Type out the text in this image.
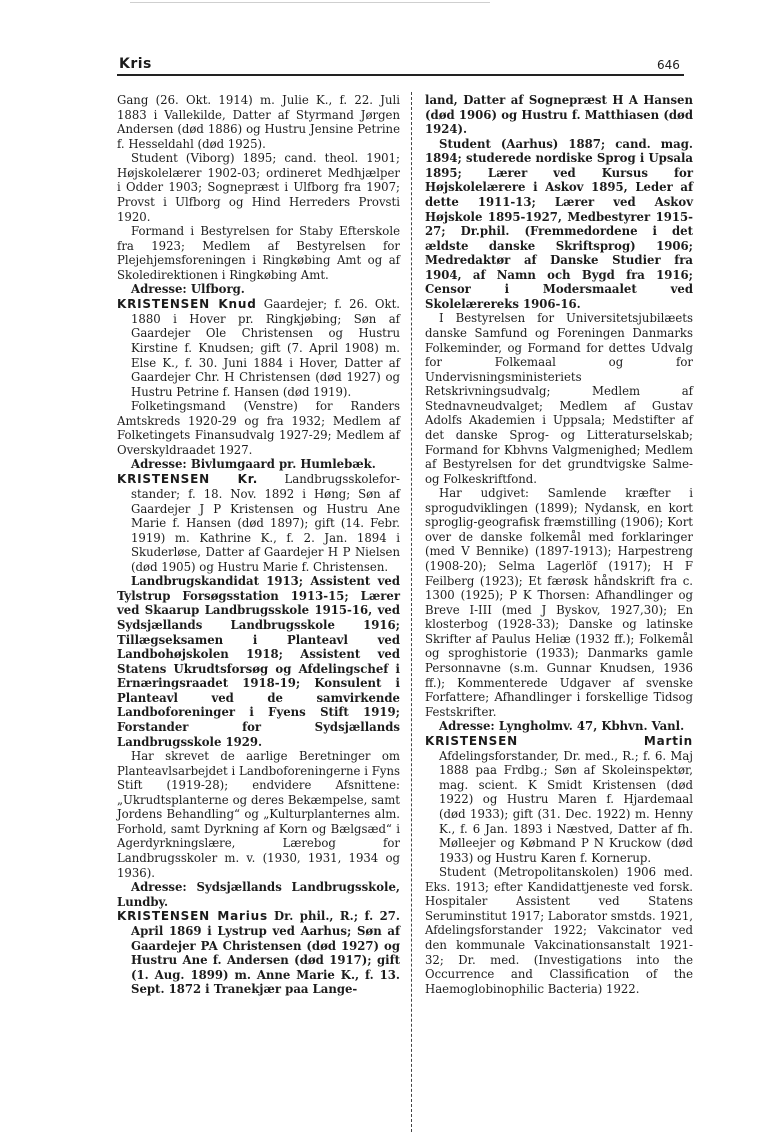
Kris	646

Gang (26. Okt. 1914) m. Julie K., f. 22. Juli 1883 i Vallekilde, Datter af Styrmand Jørgen Andersen (død 1886) og Hustru Jensine Petrine f. Hesseldahl (død 1925).

Student (Viborg) 1895; cand. theol. 1901; Højskolelærer 1902-03; ordineret Medhjælper i Odder 1903; Sognepræst i Ulfborg fra 1907; Provst i Ulfborg og Hind Herreders Provsti 1920.

Formand i Bestyrelsen for Staby Efterskole fra 1923; Medlem af Bestyrelsen for Plejehjemsforeningen i Ringkøbing Amt og af Skoledirektionen i Ringkøbing Amt.

Adresse: Ulfborg.

KRISTENSEN Knud Gaardejer; f. 26. Okt. 1880 i Hover pr. Ringkjøbing; Søn af Gaardejer Ole Christensen og Hustru Kirstine f. Knudsen; gift (7. April 1908) m. Else K., f. 30. Juni 1884 i Hover, Datter af Gaardejer Chr. H Christensen (død 1927) og Hustru Petrine f. Hansen (død 1919).

Folketingsmand (Venstre) for Randers Amtskreds 1920-29 og fra 1932; Medlem af Folketingets Finansudvalg 1927-29; Medlem af Overskyldraadet 1927.

Adresse: Bivlumgaard pr. Humlebæk.

KRISTENSEN Kr. Landbrugsskolefor-stander; f. 18. Nov. 1892 i Høng; Søn af Gaardejer J P Kristensen og Hustru Ane Marie f. Hansen (død 1897); gift (14. Febr. 1919) m. Kathrine K., f. 2. Jan. 1894 i Skuderløse, Datter af Gaardejer H P Nielsen (død 1905) og Hustru Marie f. Christensen.

Landbrugskandidat 1913; Assistent ved Tylstrup Forsøgsstation 1913-15; Lærer ved Skaarup Landbrugsskole 1915-16, ved Sydsjællands Landbrugsskole 1916; Tillægseksamen i Planteavl ved Landbohøjskolen 1918; Assistent ved Statens Ukrudtsforsøg og Afdelingschef i Ernæringsraadet 1918-19; Konsulent i Planteavl ved de samvirkende Landboforeninger i Fyens Stift 1919; Forstander for Sydsjællands Landbrugsskole 1929.

Har skrevet de aarlige Beretninger om Planteavlsarbejdet i Landboforeningerne i Fyns Stift (1919-28); endvidere Afsnittene: „Ukrudtsplanterne og deres Bekæmpelse, samt Jordens Behandling“ og „Kulturplanternes alm. Forhold, samt Dyrkning af Korn og Bælgsæd“ i Agerdyrkningslære, Lærebog for Landbrugsskoler m. v. (1930, 1931, 1934 og 1936).

Adresse: Sydsjællands Landbrugsskole, Lundby.

KRISTENSEN Marius Dr. phil., R.; f. 27. April 1869 i Lystrup ved Aarhus; Søn af Gaardejer PA Christensen (død 1927) og Hustru Ane f. Andersen (død 1917); gift (1. Aug. 1899) m. Anne Marie K., f. 13. Sept. 1872 i Tranekjær paa Lange-

land, Datter af Sognepræst H A Hansen (død 1906) og Hustru f. Matthiasen (død 1924).

Student (Aarhus) 1887; cand. mag. 1894; studerede nordiske Sprog i Upsala 1895; Lærer ved Kursus for Højskolelærere i Askov 1895, Leder af dette 1911-13; Lærer ved Askov Højskole 1895-1927, Medbestyrer 1915-27; Dr.phil. (Fremmedordene i det ældste danske Skriftsprog) 1906; Medredaktør af Danske Studier fra 1904, af Namn och Bygd fra 1916; Censor i Modersmaalet ved Skolelærereks 1906-16.

I Bestyrelsen for Universitetsjubilæets danske Samfund og Foreningen Danmarks Folkeminder, og Formand for dettes Udvalg for Folkemaal og for Undervisningsministeriets Retskrivningsudvalg; Medlem af Stednavneudvalget; Medlem af Gustav Adolfs Akademien i Uppsala; Medstifter af det danske Sprog- og Litteraturselskab; Formand for Kbhvns Valgmenighed; Medlem af Bestyrelsen for det grundtvigske Salme- og Folkeskriftfond.

Har udgivet: Samlende kræfter i sprogudviklingen (1899); Nydansk, en kort sproglig-geografisk fræmstilling (1906); Kort over de danske folkemål med forklaringer (med V Bennike) (1897-1913); Harpestreng (1908-20); Selma Lagerlöf (1917); H F Feilberg (1923); Et færøsk håndskrift fra c. 1300 (1925); P K Thorsen: Afhandlinger og Breve I-III (med J Byskov, 1927,30); En klosterbog (1928-33); Danske og latinske Skrifter af Paulus Heliæ (1932 ff.); Folkemål og sproghistorie (1933); Danmarks gamle Personnavne (s.m. Gunnar Knudsen, 1936 ff.); Kommenterede Udgaver af svenske Forfattere; Afhandlinger i forskellige Tidsog Festskrifter.

Adresse: Lyngholmv. 47, Kbhvn. Vanl.

KRISTENSEN Martin Afdelingsforstander, Dr. med., R.; f. 6. Maj 1888 paa Frdbg.; Søn af Skoleinspektør, mag. scient. K Smidt Kristensen (død 1922) og Hustru Maren f. Hjardemaal (død 1933); gift (31. Dec. 1922) m. Henny K., f. 6 Jan. 1893 i Næstved, Datter af fh. Mølleejer og Købmand P N Kruckow (død 1933) og Hustru Karen f. Kornerup.

Student (Metropolitanskolen) 1906 med. Eks. 1913; efter Kandidattjeneste ved forsk. Hospitaler Assistent ved Statens Seruminstitut 1917; Laborator smstds. 1921, Afdelingsforstander 1922; Vakcinator ved den kommunale Vakcinationsanstalt 1921-32; Dr. med. (Investigations into the Occurrence and Classification of the Haemoglobinophilic Bacteria) 1922.
